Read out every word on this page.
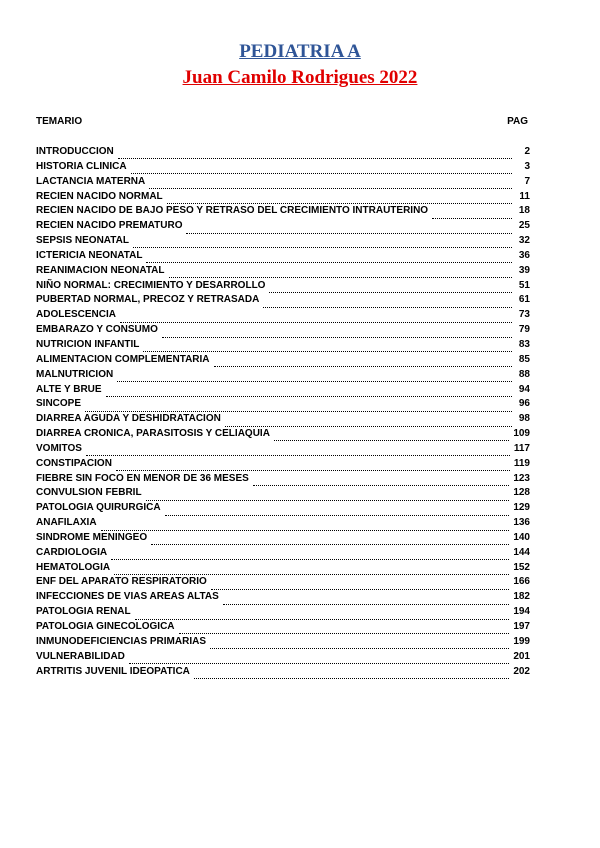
PEDIATRIA A
Juan Camilo Rodrigues 2022
TEMARIO	PAG
INTRODUCCION	2
HISTORIA CLINICA	3
LACTANCIA MATERNA	7
RECIEN NACIDO NORMAL	11
RECIEN NACIDO DE BAJO PESO Y RETRASO DEL CRECIMIENTO INTRAUTERINO	18
RECIEN NACIDO PREMATURO	25
SEPSIS NEONATAL	32
ICTERICIA NEONATAL	36
REANIMACION NEONATAL	39
NIÑO NORMAL: CRECIMIENTO Y DESARROLLO	51
PUBERTAD NORMAL, PRECOZ Y RETRASADA	61
ADOLESCENCIA	73
EMBARAZO Y CONSUMO	79
NUTRICION INFANTIL	83
ALIMENTACION COMPLEMENTARIA	85
MALNUTRICION	88
ALTE Y BRUE	94
SINCOPE	96
DIARREA AGUDA Y DESHIDRATACION	98
DIARREA CRONICA, PARASITOSIS Y CELIAQUIA	109
VOMITOS	117
CONSTIPACION	119
FIEBRE SIN FOCO EN MENOR DE 36 MESES	123
CONVULSION FEBRIL	128
PATOLOGIA QUIRURGICA	129
ANAFILAXIA	136
SINDROME MENINGEO	140
CARDIOLOGIA	144
HEMATOLOGIA	152
ENF DEL APARATO RESPIRATORIO	166
INFECCIONES DE VIAS AREAS ALTAS	182
PATOLOGIA RENAL	194
PATOLOGIA GINECOLOGICA	197
INMUNODEFICIENCIAS PRIMARIAS	199
VULNERABILIDAD	201
ARTRITIS JUVENIL IDEOPATICA	202
